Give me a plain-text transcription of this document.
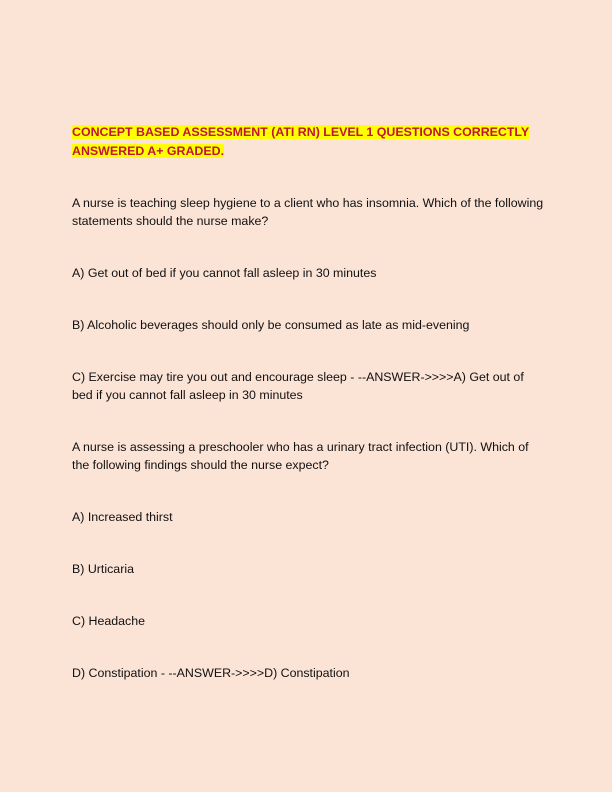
CONCEPT BASED ASSESSMENT (ATI RN) LEVEL 1 QUESTIONS CORRECTLY
ANSWERED A+ GRADED.

A nurse is teaching sleep hygiene to a client who has insomnia. Which of the following statements should the nurse make?

A) Get out of bed if you cannot fall asleep in 30 minutes

B) Alcoholic beverages should only be consumed as late as mid-evening

C) Exercise may tire you out and encourage sleep - --ANSWER->>>>A) Get out of bed if you cannot fall asleep in 30 minutes

A nurse is assessing a preschooler who has a urinary tract infection (UTI). Which of the following findings should the nurse expect?

A) Increased thirst

B) Urticaria

C) Headache

D) Constipation - --ANSWER->>>>D) Constipation
